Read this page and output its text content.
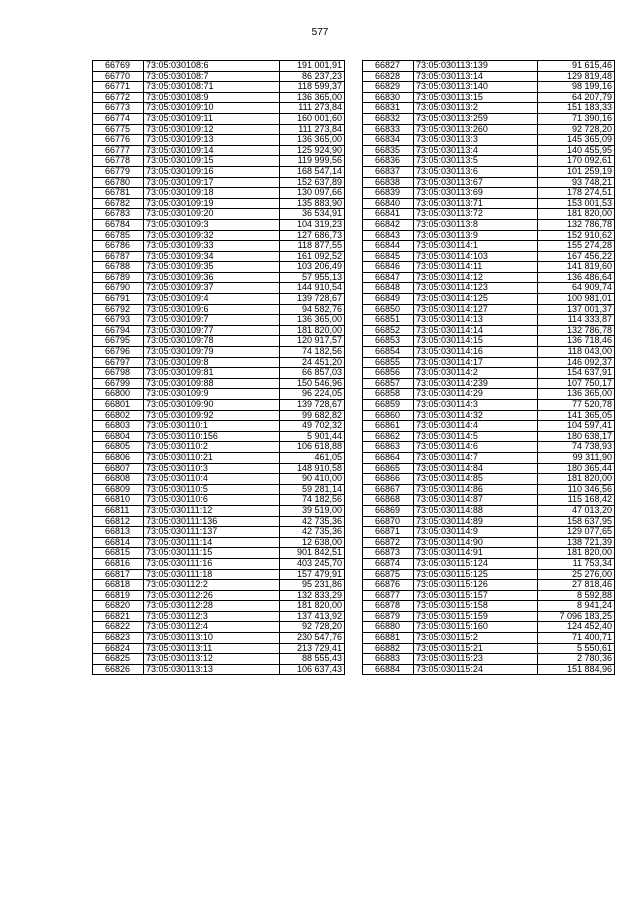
577
66769	73:05:030108:6	191 001,91
66770	73:05:030108:7	86 237,23
66771	73:05:030108:71	118 599,37
66772	73:05:030108:9	136 365,00
66773	73:05:030109:10	111 273,84
66774	73:05:030109:11	160 001,60
66775	73:05:030109:12	111 273,84
66776	73:05:030109:13	136 365,00
66777	73:05:030109:14	125 924,90
66778	73:05:030109:15	119 999,56
66779	73:05:030109:16	168 547,14
66780	73:05:030109:17	152 637,89
66781	73:05:030109:18	130 097,66
66782	73:05:030109:19	135 883,90
66783	73:05:030109:20	36 534,91
66784	73:05:030109:3	104 319,23
66785	73:05:030109:32	127 686,73
66786	73:05:030109:33	118 877,55
66787	73:05:030109:34	161 092,52
66788	73:05:030109:35	103 206,49
66789	73:05:030109:36	57 955,13
66790	73:05:030109:37	144 910,54
66791	73:05:030109:4	139 728,67
66792	73:05:030109:6	94 582,76
66793	73:05:030109:7	136 365,00
66794	73:05:030109:77	181 820,00
66795	73:05:030109:78	120 917,57
66796	73:05:030109:79	74 182,56
66797	73:05:030109:8	24 451,20
66798	73:05:030109:81	66 857,03
66799	73:05:030109:88	150 546,96
66800	73:05:030109:9	96 224,05
66801	73:05:030109:90	139 728,67
66802	73:05:030109:92	99 682,82
66803	73:05:030110:1	49 702,32
66804	73:05:030110:156	5 901,44
66805	73:05:030110:2	106 618,88
66806	73:05:030110:21	461,05
66807	73:05:030110:3	148 910,58
66808	73:05:030110:4	90 410,00
66809	73:05:030110:5	59 281,14
66810	73:05:030110:6	74 182,56
66811	73:05:030111:12	39 519,00
66812	73:05:030111:136	42 735,36
66813	73:05:030111:137	42 735,36
66814	73:05:030111:14	12 638,00
66815	73:05:030111:15	901 842,51
66816	73:05:030111:16	403 245,70
66817	73:05:030111:18	157 479,91
66818	73:05:030112:2	95 231,86
66819	73:05:030112:26	132 833,29
66820	73:05:030112:28	181 820,00
66821	73:05:030112:3	137 413,92
66822	73:05:030112:4	92 728,20
66823	73:05:030113:10	230 547,76
66824	73:05:030113:11	213 729,41
66825	73:05:030113:12	88 555,43
66826	73:05:030113:13	106 637,43
66827	73:05:030113:139	91 615,46
66828	73:05:030113:14	129 819,48
66829	73:05:030113:140	98 199,16
66830	73:05:030113:15	64 207,79
66831	73:05:030113:2	151 183,33
66832	73:05:030113:259	71 390,16
66833	73:05:030113:260	92 728,20
66834	73:05:030113:3	145 365,09
66835	73:05:030113:4	140 455,95
66836	73:05:030113:5	170 092,61
66837	73:05:030113:6	101 259,19
66838	73:05:030113:67	93 748,21
66839	73:05:030113:69	178 274,51
66840	73:05:030113:71	153 001,53
66841	73:05:030113:72	181 820,00
66842	73:05:030113:8	132 786,78
66843	73:05:030113:9	152 910,62
66844	73:05:030114:1	155 274,28
66845	73:05:030114:103	167 456,22
66846	73:05:030114:11	141 819,60
66847	73:05:030114:12	136 486,64
66848	73:05:030114:123	64 909,74
66849	73:05:030114:125	100 981,01
66850	73:05:030114:127	137 001,37
66851	73:05:030114:13	114 333,87
66852	73:05:030114:14	132 786,78
66853	73:05:030114:15	136 718,46
66854	73:05:030114:16	118 043,00
66855	73:05:030114:17	146 092,37
66856	73:05:030114:2	154 637,91
66857	73:05:030114:239	107 750,17
66858	73:05:030114:29	136 365,00
66859	73:05:030114:3	77 520,78
66860	73:05:030114:32	141 365,05
66861	73:05:030114:4	104 597,41
66862	73:05:030114:5	180 638,17
66863	73:05:030114:6	74 738,93
66864	73:05:030114:7	99 311,90
66865	73:05:030114:84	180 365,44
66866	73:05:030114:85	181 820,00
66867	73:05:030114:86	110 346,56
66868	73:05:030114:87	115 168,42
66869	73:05:030114:88	47 013,20
66870	73:05:030114:89	158 637,95
66871	73:05:030114:9	129 077,65
66872	73:05:030114:90	138 721,39
66873	73:05:030114:91	181 820,00
66874	73:05:030115:124	11 753,34
66875	73:05:030115:125	25 276,00
66876	73:05:030115:126	27 818,46
66877	73:05:030115:157	8 592,88
66878	73:05:030115:158	8 941,24
66879	73:05:030115:159	7 096 183,25
66880	73:05:030115:160	124 452,40
66881	73:05:030115:2	71 400,71
66882	73:05:030115:21	5 550,61
66883	73:05:030115:23	2 780,36
66884	73:05:030115:24	151 884,96
